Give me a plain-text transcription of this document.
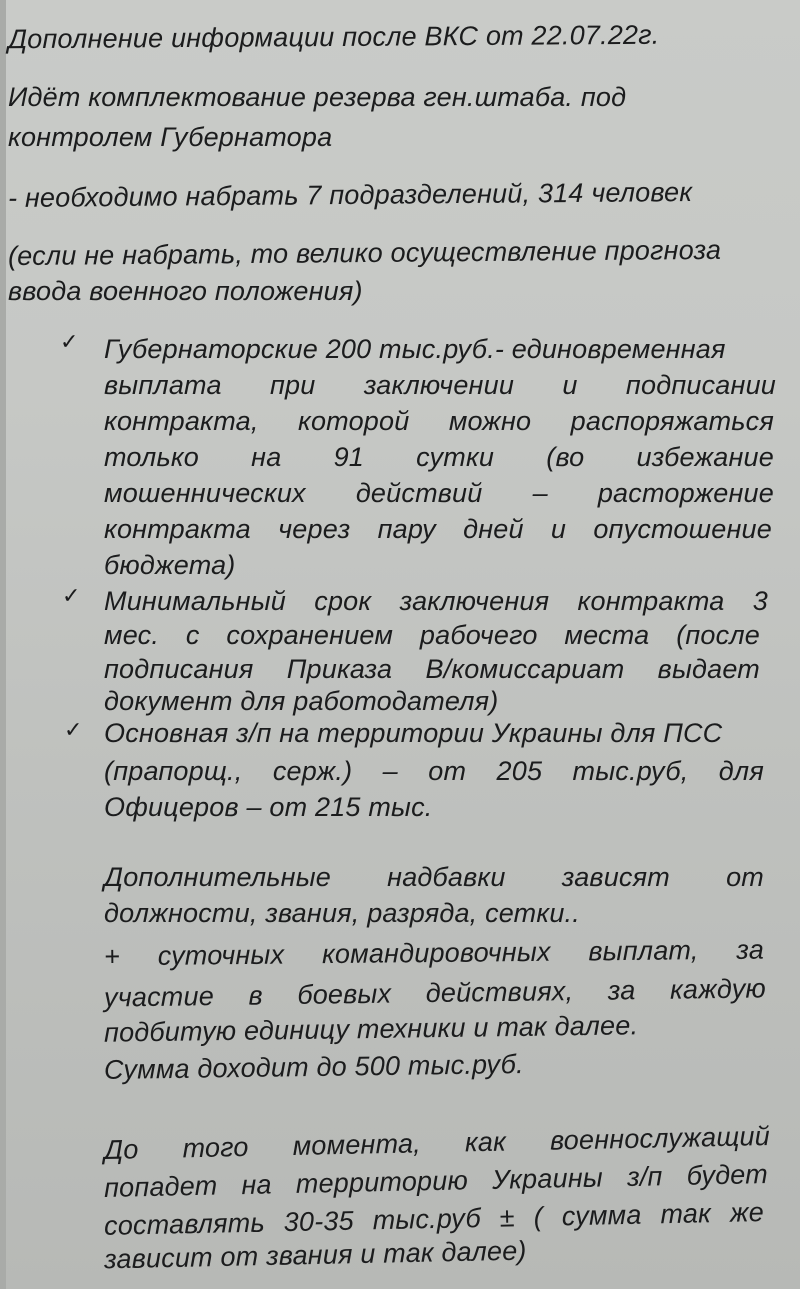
Дополнение информации после ВКС от 22.07.22г.
Идёт комплектование резерва ген.штаба. под
контролем Губернатора
- необходимо набрать 7 подразделений, 314 человек
(если не набрать, то велико осуществление прогноза
ввода военного положения)
✓ Губернаторские 200 тыс.руб.- единовременная
выплата при заключении и подписании
контракта, которой можно распоряжаться
только на 91 сутки (во избежание
мошеннических действий – расторжение
контракта через пару дней и опустошение
бюджета)
✓ Минимальный срок заключения контракта 3
мес. с сохранением рабочего места (после
подписания Приказа В/комиссариат выдает
документ для работодателя)
✓ Основная з/п на территории Украины для ПСС
(прапорщ., серж.) – от 205 тыс.руб, для
Офицеров – от 215 тыс.
Дополнительные надбавки зависят от
должности, звания, разряда, сетки..
+ суточных командировочных выплат, за
участие в боевых действиях, за каждую
подбитую единицу техники и так далее.
Сумма доходит до 500 тыс.руб.
До того момента, как военнослужащий
попадет на территорию Украины з/п будет
составлять 30-35 тыс.руб ± ( сумма так же
зависит от звания и так далее)
